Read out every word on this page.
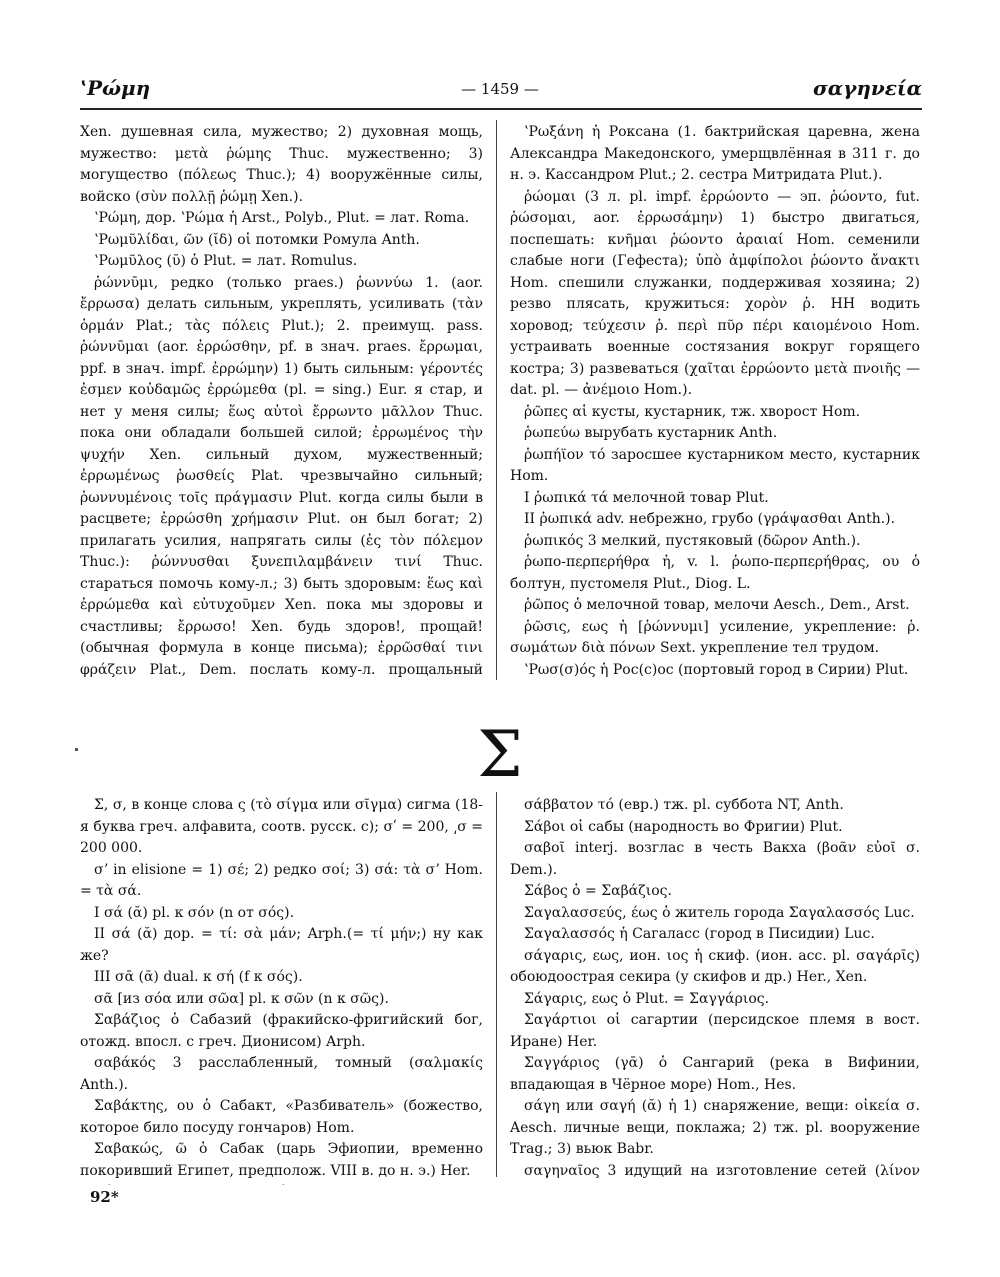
ʽΡώμη	— 1459 —	σαγηνεία

Xen. душевная сила, мужество; 2) духовная мощь, мужество: μετὰ ῥώμης Thuc. мужественно; 3) могущество (πόλεως Thuc.); 4) вооружённые силы, войско (σὺν πολλῇ ῥώμῃ Xen.).

ʽΡώμη, дор. ʽΡώμα ἡ Arst., Polyb., Plut. = лат. Roma.

ʽΡωμῦλίδαι, ῶν (ῐδ) οἱ потомки Ромула Anth.

ʽΡωμῦλος (ῠ) ὁ Plut. = лат. Romulus.

ῥώννῡμι, редко (только praes.) ῥωννύω 1. (aor. ἔρρωσα) делать сильным, укреплять, усиливать (τὰν ὁρμάν Plat.; τὰς πόλεις Plut.); 2. преимущ. pass. ῥώννῡμαι (aor. ἐρρώσθην, pf. в знач. praes. ἔρρωμαι, ppf. в знач. impf. ἐρρώμην) 1) быть сильным: γέροντές ἐσμεν κοὐδαμῶς ἐρρώμεθα (pl. = sing.) Eur. я стар, и нет у меня силы; ἕως αὐτοὶ ἔρρωντο μᾶλλον Thuc. пока они обладали большей силой; ἐρρωμένος τὴν ψυχήν Xen. сильный духом, мужественный; ἐρρωμένως ῥωσθείς Plat. чрезвычайно сильный; ῥωννυμένοις τοῖς πράγμασιν Plut. когда силы были в расцвете; ἐρρώσθη χρήμασιν Plut. он был богат; 2) прилагать усилия, напрягать силы (ἐς τὸν πόλεμον Thuc.): ῥώννυσθαι ξυνεπιλαμβάνειν τινί Thuc. стараться помочь кому-л.; 3) быть здоровым: ἕως καὶ ἐρρώμεθα καὶ εὐτυχοῦμεν Xen. пока мы здоровы и счастливы; ἔρρωσο! Xen. будь здоров!, прощай! (обычная формула в конце письма); ἐρρῶσθαί τινι φράζειν Plat., Dem. послать кому-л. прощальный

ʽΡωξάνη ἡ Роксана (1. бактрийская царевна, жена Александра Македонского, умерщвлённая в 311 г. до н. э. Кассандром Plut.; 2. сестра Митридата Plut.).

ῥώομαι (3 л. pl. impf. ἐρρώοντο — эп. ῥώοντο, fut. ῥώσομαι, aor. ἐρρωσάμην) 1) быстро двигаться, поспешать: κνῆμαι ῥώοντο ἀραιαί Hom. семенили слабые ноги (Гефеста); ὑπὸ ἀμφίπολοι ῥώοντο ἄνακτι Hom. спешили служанки, поддерживая хозяина; 2) резво плясать, кружиться: χορὸν ῥ. HH водить хоровод; τεύχεσιν ῥ. περὶ πῦρ πέρι καιομένοιο Hom. устраивать военные состязания вокруг горящего костра; 3) развеваться (χαῖται ἐρρώοντο μετὰ πνοιῆς — dat. pl. — ἀνέμοιο Hom.).

ῥῶπες αἱ кусты, кустарник, тж. хворост Hom.

ῥωπεύω вырубать кустарник Anth.

ῥωπήϊον τό заросшее кустарником место, кустарник Hom.

I ῥωπικά τά мелочной товар Plut.

II ῥωπικά adv. небрежно, грубо (γράψασθαι Anth.).

ῥωπικός 3 мелкий, пустяковый (δῶρον Anth.).

ῥωπο-περπερήθρα ἡ, v. l. ῥωπο-περπερήθρας, ου ὁ болтун, пустомеля Plut., Diog. L.

ῥῶπος ὁ мелочной товар, мелочи Aesch., Dem., Arst.

ῥῶσις, εως ἡ [ῥώννυμι] усиление, укрепление: ῥ. σωμάτων διὰ πόνων Sext. укрепление тел трудом.

ʽΡωσ(σ)ός ἡ Рос(с)ос (портовый город в Сирии) Plut.

Σ

Σ, σ, в конце слова ς (τὸ σίγμα или σῖγμα) сигма (18-я буква греч. алфавита, соотв. русск. с); σʹ = 200, ͵σ = 200 000.

σʼ in elisione = 1) σέ; 2) редко σοί; 3) σά: τὰ σʼ Hom. = τὰ σά.

I σά (ᾰ) pl. к σόν (n от σός).

II σά (ᾰ) дор. = τί: σὰ μάν; Arph.(= τί μήν;) ну как же?

III σᾱ (ᾱ) dual. к σή (f к σός).

σᾶ [из σόα или σῶα] pl. к σῶν (n к σῶς).

Σαβάζιος ὁ Сабазий (фракийско-фригийский бог, отожд. впосл. с греч. Дионисом) Arph.

σαβάκός 3 расслабленный, томный (σαλμακίς Anth.).

Σαβάκτης, ου ὁ Сабакт, «Разбиватель» (божество, которое било посуду гончаров) Hom.

Σαβακώς, ῶ ὁ Сабак (царь Эфиопии, временно покоривший Египет, предполож. VIII в. до н. э.) Her.

σάββατον τό (евр.) тж. pl. суббота NT, Anth.

Σάβοι οἱ сабы (народность во Фригии) Plut.

σαβοῖ interj. возглас в честь Вакха (βοᾶν εὐοῖ σ. Dem.).

Σάβος ὁ = Σαβάζιος.

Σαγαλασσεύς, έως ὁ житель города Σαγαλασσός Luc.

Σαγαλασσός ἡ Сагаласс (город в Писидии) Luc.

σάγαρις, εως, ион. ιος ἡ скиф. (ион. acc. pl. σαγάρῑς) обоюдоострая секира (у скифов и др.) Her., Xen.

Σάγαρις, εως ὁ Plut. = Σαγγάριος.

Σαγάρτιοι οἱ сагартии (персидское племя в вост. Иране) Her.

Σαγγάριος (γᾱ) ὁ Сангарий (река в Вифинии, впадающая в Чёрное море) Hom., Hes.

σάγη или σαγή (ᾰ) ἡ 1) снаряжение, вещи: οἰκεία σ. Aesch. личные вещи, поклажа; 2) тж. pl. вооружение Trag.; 3) вьюк Babr.

σαγηναῖος 3 идущий на изготовление сетей (λίνον

92*
